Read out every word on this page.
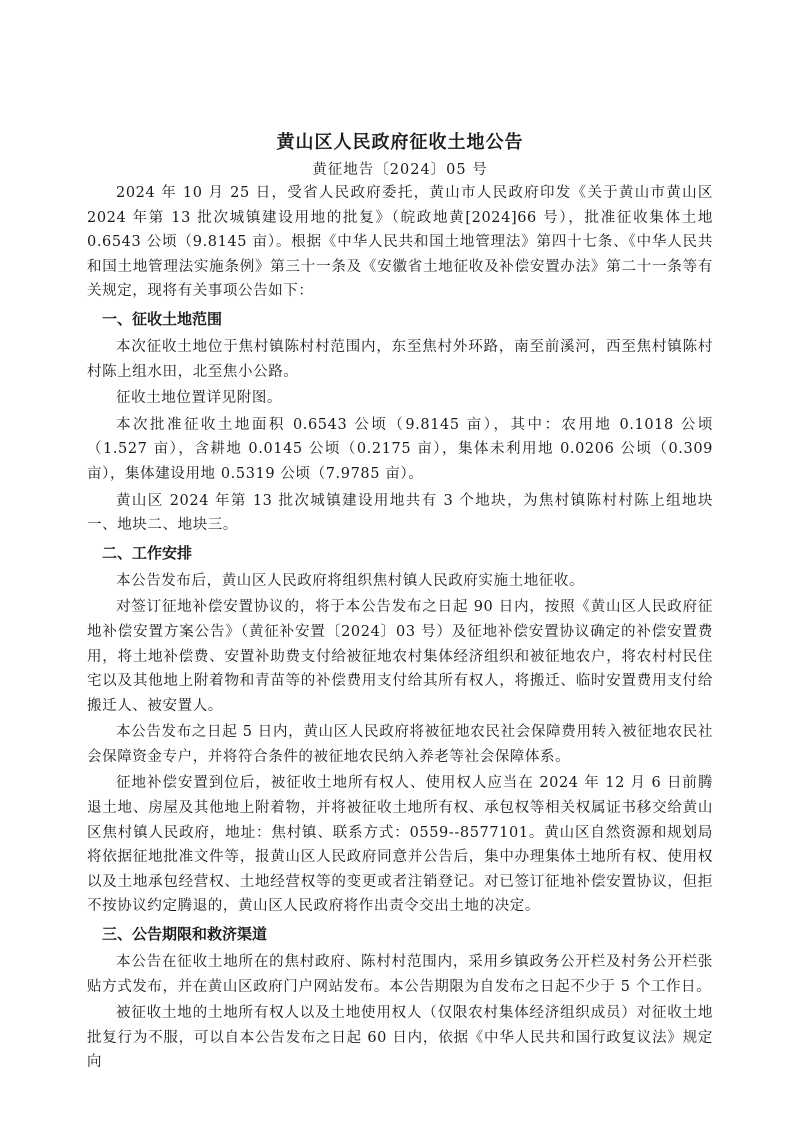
黄山区人民政府征收土地公告
黄征地告〔2024〕05 号

2024 年 10 月 25 日，受省人民政府委托，黄山市人民政府印发《关于黄山市黄山区 2024 年第 13 批次城镇建设用地的批复》（皖政地黄[2024]66 号），批准征收集体土地 0.6543 公顷（9.8145 亩）。根据《中华人民共和国土地管理法》第四十七条、《中华人民共和国土地管理法实施条例》第三十一条及《安徽省土地征收及补偿安置办法》第二十一条等有关规定，现将有关事项公告如下：

一、征收土地范围

本次征收土地位于焦村镇陈村村范围内，东至焦村外环路，南至前溪河，西至焦村镇陈村村陈上组水田，北至焦小公路。

征收土地位置详见附图。

本次批准征收土地面积 0.6543 公顷（9.8145 亩），其中：农用地 0.1018 公顷（1.527 亩），含耕地 0.0145 公顷（0.2175 亩），集体未利用地 0.0206 公顷（0.309 亩），集体建设用地 0.5319 公顷（7.9785 亩）。

黄山区 2024 年第 13 批次城镇建设用地共有 3 个地块，为焦村镇陈村村陈上组地块一、地块二、地块三。

二、工作安排

本公告发布后，黄山区人民政府将组织焦村镇人民政府实施土地征收。

对签订征地补偿安置协议的，将于本公告发布之日起 90 日内，按照《黄山区人民政府征地补偿安置方案公告》（黄征补安置〔2024〕03 号）及征地补偿安置协议确定的补偿安置费用，将土地补偿费、安置补助费支付给被征地农村集体经济组织和被征地农户，将农村村民住宅以及其他地上附着物和青苗等的补偿费用支付给其所有权人，将搬迁、临时安置费用支付给搬迁人、被安置人。

本公告发布之日起 5 日内，黄山区人民政府将被征地农民社会保障费用转入被征地农民社会保障资金专户，并将符合条件的被征地农民纳入养老等社会保障体系。

征地补偿安置到位后，被征收土地所有权人、使用权人应当在 2024 年 12 月 6 日前腾退土地、房屋及其他地上附着物，并将被征收土地所有权、承包权等相关权属证书移交给黄山区焦村镇人民政府，地址：焦村镇、联系方式：0559--8577101。黄山区自然资源和规划局将依据征地批准文件等，报黄山区人民政府同意并公告后，集中办理集体土地所有权、使用权以及土地承包经营权、土地经营权等的变更或者注销登记。对已签订征地补偿安置协议，但拒不按协议约定腾退的，黄山区人民政府将作出责令交出土地的决定。

三、公告期限和救济渠道

本公告在征收土地所在的焦村政府、陈村村范围内，采用乡镇政务公开栏及村务公开栏张贴方式发布，并在黄山区政府门户网站发布。本公告期限为自发布之日起不少于 5 个工作日。

被征收土地的土地所有权人以及土地使用权人（仅限农村集体经济组织成员）对征收土地批复行为不服，可以自本公告发布之日起 60 日内，依据《中华人民共和国行政复议法》规定向
